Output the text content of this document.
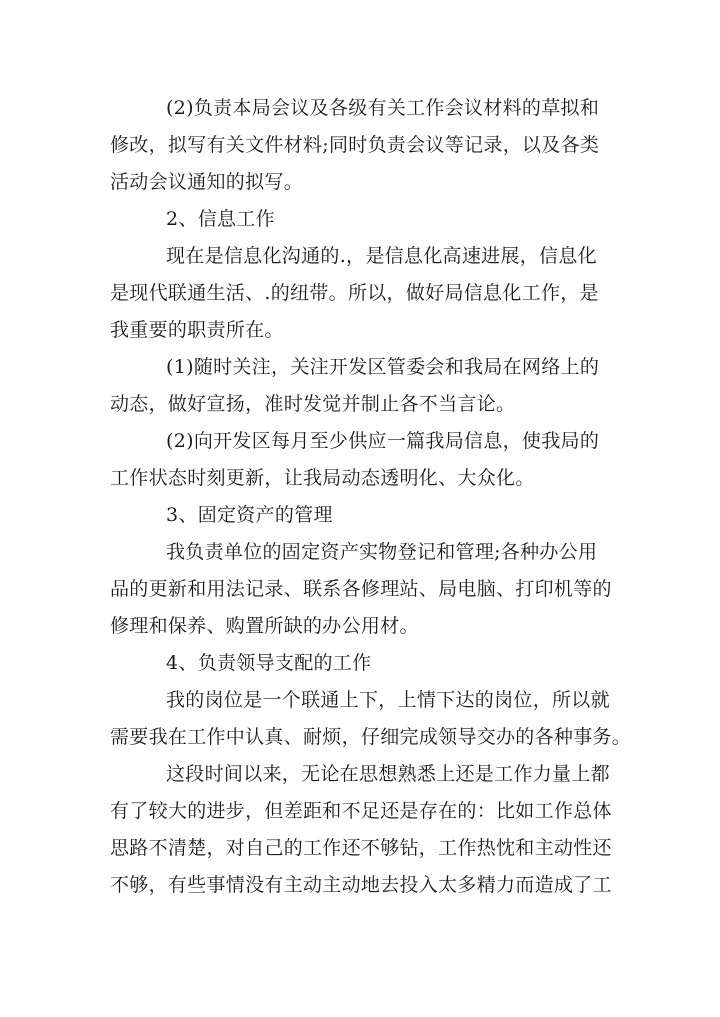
(2)负责本局会议及各级有关工作会议材料的草拟和
修改，拟写有关文件材料;同时负责会议等记录，以及各类
活动会议通知的拟写。
2、信息工作
现在是信息化沟通的.，是信息化高速进展，信息化
是现代联通生活、.的纽带。所以，做好局信息化工作，是
我重要的职责所在。
(1)随时关注，关注开发区管委会和我局在网络上的
动态，做好宣扬，准时发觉并制止各不当言论。
(2)向开发区每月至少供应一篇我局信息，使我局的
工作状态时刻更新，让我局动态透明化、大众化。
3、固定资产的管理
我负责单位的固定资产实物登记和管理;各种办公用
品的更新和用法记录、联系各修理站、局电脑、打印机等的
修理和保养、购置所缺的办公用材。
4、负责领导支配的工作
我的岗位是一个联通上下，上情下达的岗位，所以就
需要我在工作中认真、耐烦，仔细完成领导交办的各种事务。
这段时间以来，无论在思想熟悉上还是工作力量上都
有了较大的进步，但差距和不足还是存在的：比如工作总体
思路不清楚，对自己的工作还不够钻，工作热忱和主动性还
不够，有些事情没有主动主动地去投入太多精力而造成了工
